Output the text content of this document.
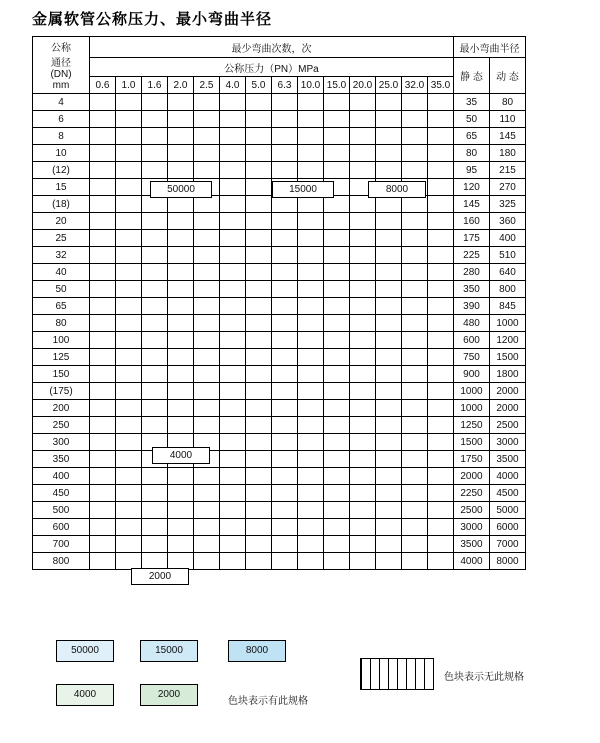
金属软管公称压力、最小弯曲半径
公称
通径
(DN)
mm	最少弯曲次数，次														最小弯曲半径	
	公称压力（PN）MPa														静 态	动 态
	0.6	1.0	1.6	2.0	2.5	4.0	5.0	6.3	10.0	15.0	20.0	25.0	32.0	35.0		
4															35	80
6															50	110
8															65	145
10															80	180
(12)															95	215
15															120	270
(18)															145	325
20															160	360
25															175	400
32															225	510
40															280	640
50															350	800
65															390	845
80															480	1000
100															600	1200
125															750	1500
150															900	1800
(175)															1000	2000
200															1000	2000
250															1250	2500
300															1500	3000
350															1750	3500
400															2000	4000
450															2250	4500
500															2500	5000
600															3000	6000
700															3500	7000
800															4000	8000
50000	15000	8000
4000
2000
50000	15000	8000
4000	2000
色块表示有此规格
色块表示无此规格
